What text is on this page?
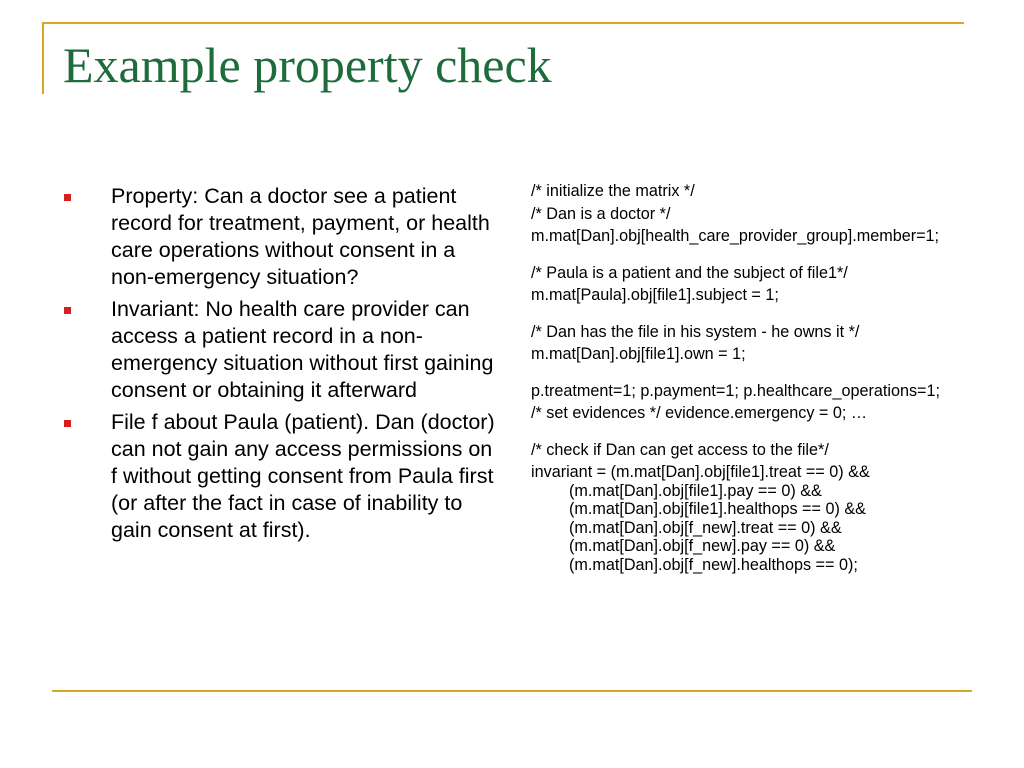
Example property check
Property: Can a doctor see a patient record for treatment, payment, or health care operations without consent in a non-emergency situation?
Invariant: No health care provider can access a patient record in a non-emergency situation without first gaining consent or obtaining it afterward
File f about Paula (patient). Dan (doctor) can not gain any access permissions on f without getting consent from Paula first (or after the fact in case of inability to gain consent at first).
/* initialize the matrix */
/* Dan is a doctor */
m.mat[Dan].obj[health_care_provider_group].member=1;
/* Paula is a patient and the subject of file1*/
m.mat[Paula].obj[file1].subject = 1;
/* Dan has the file in his system - he owns it */
m.mat[Dan].obj[file1].own = 1;
p.treatment=1; p.payment=1; p.healthcare_operations=1;
/* set evidences */ evidence.emergency = 0; …
/* check if Dan can get access to the file*/
invariant = (m.mat[Dan].obj[file1].treat == 0) && (m.mat[Dan].obj[file1].pay == 0) && (m.mat[Dan].obj[file1].healthops == 0) && (m.mat[Dan].obj[f_new].treat == 0) && (m.mat[Dan].obj[f_new].pay == 0) && (m.mat[Dan].obj[f_new].healthops == 0);
